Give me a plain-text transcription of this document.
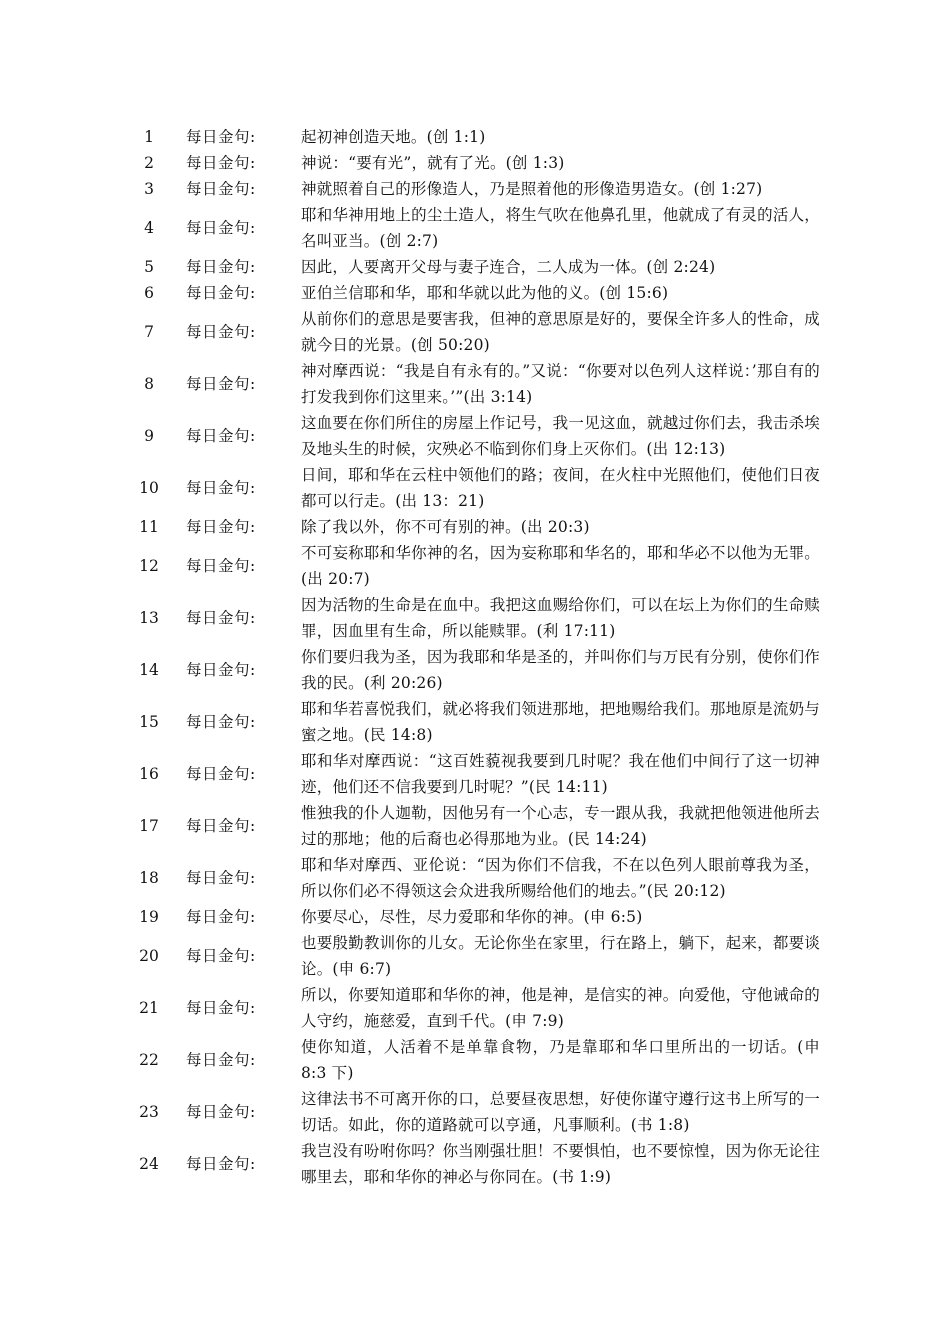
1	每日金句:	起初神创造天地。(创 1:1)
2	每日金句:	神说：“要有光”，就有了光。(创 1:3)
3	每日金句:	神就照着自己的形像造人，乃是照着他的形像造男造女。(创 1:27)
4	每日金句:	耶和华神用地上的尘土造人，将生气吹在他鼻孔里，他就成了有灵的活人，名叫亚当。(创 2:7)
5	每日金句:	因此，人要离开父母与妻子连合，二人成为一体。(创 2:24)
6	每日金句:	亚伯兰信耶和华，耶和华就以此为他的义。(创 15:6)
7	每日金句:	从前你们的意思是要害我，但神的意思原是好的，要保全许多人的性命，成就今日的光景。(创 50:20)
8	每日金句:	神对摩西说：“我是自有永有的。”又说：“你要对以色列人这样说：’那自有的打发我到你们这里来。’”(出 3:14)
9	每日金句:	这血要在你们所住的房屋上作记号，我一见这血，就越过你们去，我击杀埃及地头生的时候，灾殃必不临到你们身上灭你们。(出 12:13)
10	每日金句:	日间，耶和华在云柱中领他们的路；夜间，在火柱中光照他们，使他们日夜都可以行走。(出 13：21)
11	每日金句:	除了我以外，你不可有别的神。(出 20:3)
12	每日金句:	不可妄称耶和华你神的名，因为妄称耶和华名的，耶和华必不以他为无罪。(出 20:7)
13	每日金句:	因为活物的生命是在血中。我把这血赐给你们，可以在坛上为你们的生命赎罪，因血里有生命，所以能赎罪。(利 17:11)
14	每日金句:	你们要归我为圣，因为我耶和华是圣的，并叫你们与万民有分别，使你们作我的民。(利 20:26)
15	每日金句:	耶和华若喜悦我们，就必将我们领进那地，把地赐给我们。那地原是流奶与蜜之地。(民 14:8)
16	每日金句:	耶和华对摩西说：“这百姓藐视我要到几时呢？我在他们中间行了这一切神迹，他们还不信我要到几时呢？”(民 14:11)
17	每日金句:	惟独我的仆人迦勒，因他另有一个心志，专一跟从我，我就把他领进他所去过的那地；他的后裔也必得那地为业。(民 14:24)
18	每日金句:	耶和华对摩西、亚伦说：“因为你们不信我，不在以色列人眼前尊我为圣，所以你们必不得领这会众进我所赐给他们的地去。”(民 20:12)
19	每日金句:	你要尽心，尽性，尽力爱耶和华你的神。(申 6:5)
20	每日金句:	也要殷勤教训你的儿女。无论你坐在家里，行在路上，躺下，起来，都要谈论。(申 6:7)
21	每日金句:	所以，你要知道耶和华你的神，他是神，是信实的神。向爱他，守他诫命的人守约，施慈爱，直到千代。(申 7:9)
22	每日金句:	使你知道，人活着不是单靠食物，乃是靠耶和华口里所出的一切话。(申 8:3 下)
23	每日金句:	这律法书不可离开你的口，总要昼夜思想，好使你谨守遵行这书上所写的一切话。如此，你的道路就可以亨通，凡事顺利。(书 1:8)
24	每日金句:	我岂没有吩咐你吗？你当刚强壮胆！不要惧怕，也不要惊惶，因为你无论往哪里去，耶和华你的神必与你同在。(书 1:9)
